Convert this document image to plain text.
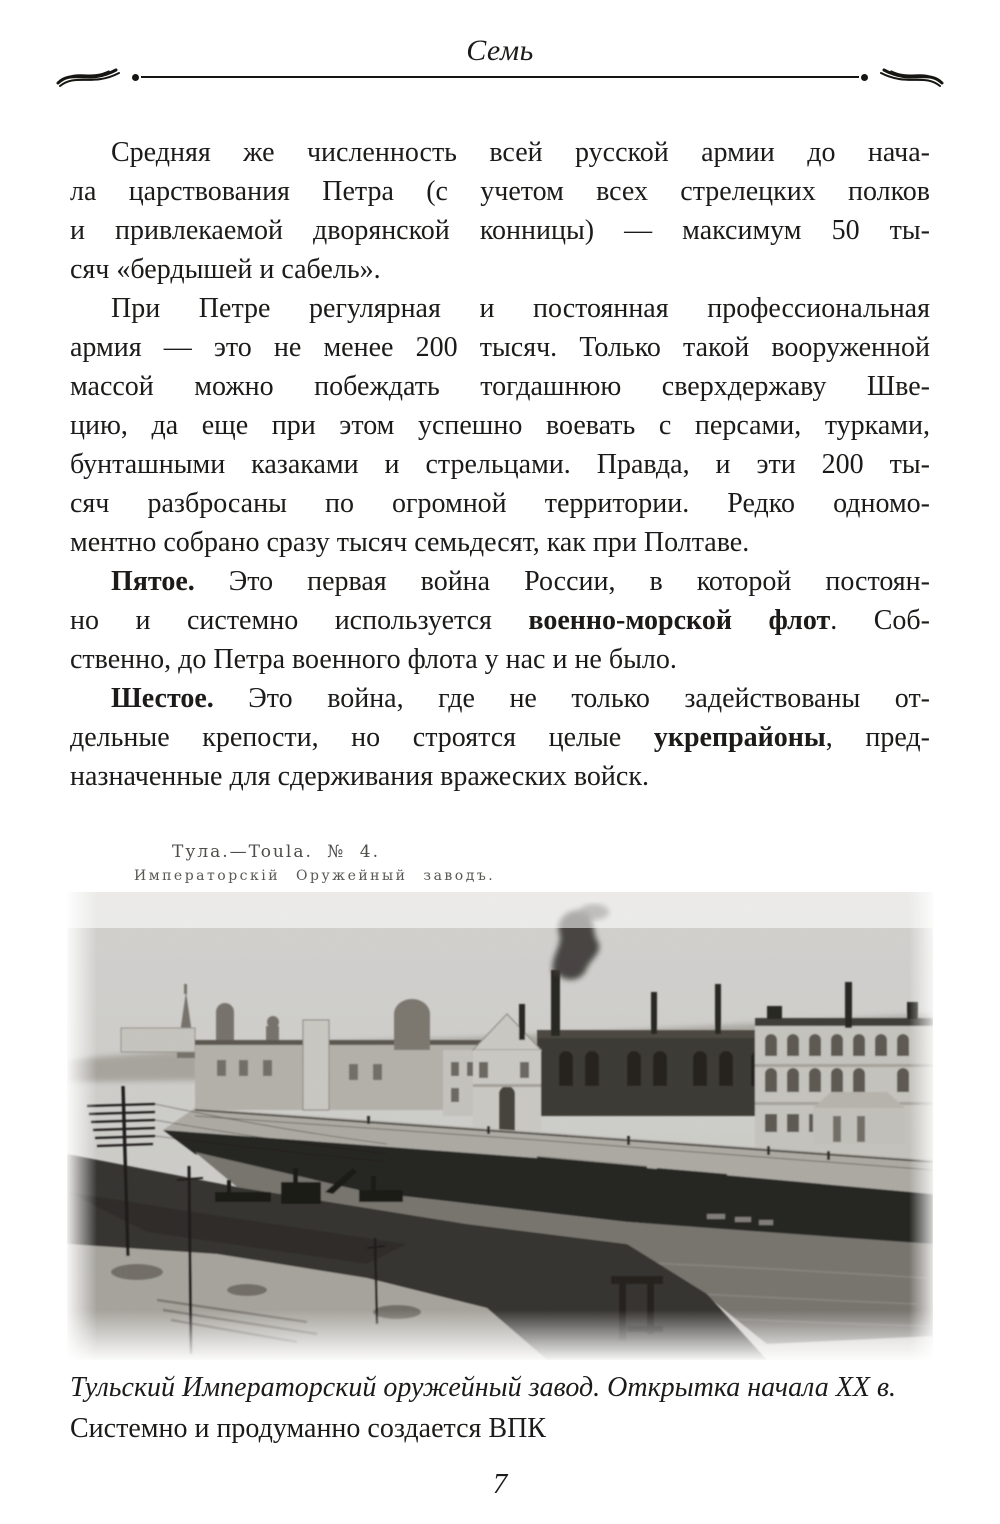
Семь
Средняя же численность всей русской армии до нача-
ла царствования Петра (с учетом всех стрелецких полков
и привлекаемой дворянской конницы) — максимум 50 ты-
сяч «бердышей и сабель».
При Петре регулярная и постоянная профессиональная
армия — это не менее 200 тысяч. Только такой вооруженной
массой можно побеждать тогдашнюю сверхдержаву Шве-
цию, да еще при этом успешно воевать с персами, турками,
бунташными казаками и стрельцами. Правда, и эти 200 ты-
сяч разбросаны по огромной территории. Редко одномо-
ментно собрано сразу тысяч семьдесят, как при Полтаве.
Пятое. Это первая война России, в которой постоян-
но и системно используется военно-морской флот. Соб-
ственно, до Петра военного флота у нас и не было.
Шестое. Это война, где не только задействованы от-
дельные крепости, но строятся целые укрепрайоны, пред-
назначенные для сдерживания вражеских войск.
Тула.—Toula. № 4.
Императорскій Оружейный заводъ.
Тульский Императорский оружейный завод. Открытка начала ХХ в.
Системно и продуманно создается ВПК
7
